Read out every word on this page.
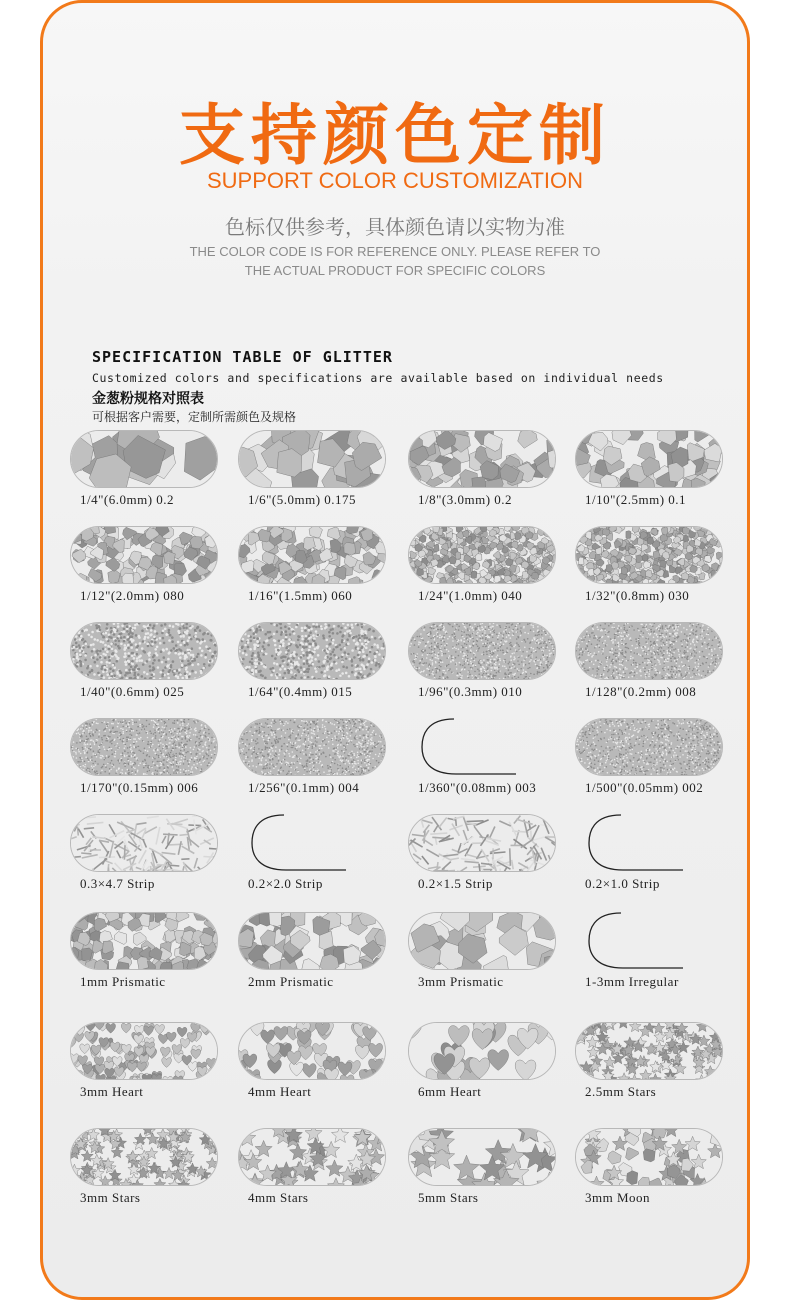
支持颜色定制
SUPPORT COLOR CUSTOMIZATION
色标仅供参考，具体颜色请以实物为准
THE COLOR CODE IS FOR REFERENCE ONLY. PLEASE REFER TO
THE ACTUAL PRODUCT FOR SPECIFIC COLORS
SPECIFICATION TABLE OF GLITTER
Customized colors and specifications are available based on individual needs
金葱粉规格对照表
可根据客户需要，定制所需颜色及规格
1/4"(6.0mm) 0.2	1/6"(5.0mm) 0.175	1/8"(3.0mm) 0.2	1/10"(2.5mm) 0.1
1/12"(2.0mm) 080	1/16"(1.5mm) 060	1/24"(1.0mm) 040	1/32"(0.8mm) 030
1/40"(0.6mm) 025	1/64"(0.4mm) 015	1/96"(0.3mm) 010	1/128"(0.2mm) 008
1/170"(0.15mm) 006	1/256"(0.1mm) 004	1/360"(0.08mm) 003	1/500"(0.05mm) 002
0.3×4.7 Strip	0.2×2.0 Strip	0.2×1.5 Strip	0.2×1.0 Strip
1mm Prismatic	2mm Prismatic	3mm Prismatic	1-3mm Irregular
3mm Heart	4mm Heart	6mm Heart	2.5mm Stars
3mm Stars	4mm Stars	5mm Stars	3mm Moon
